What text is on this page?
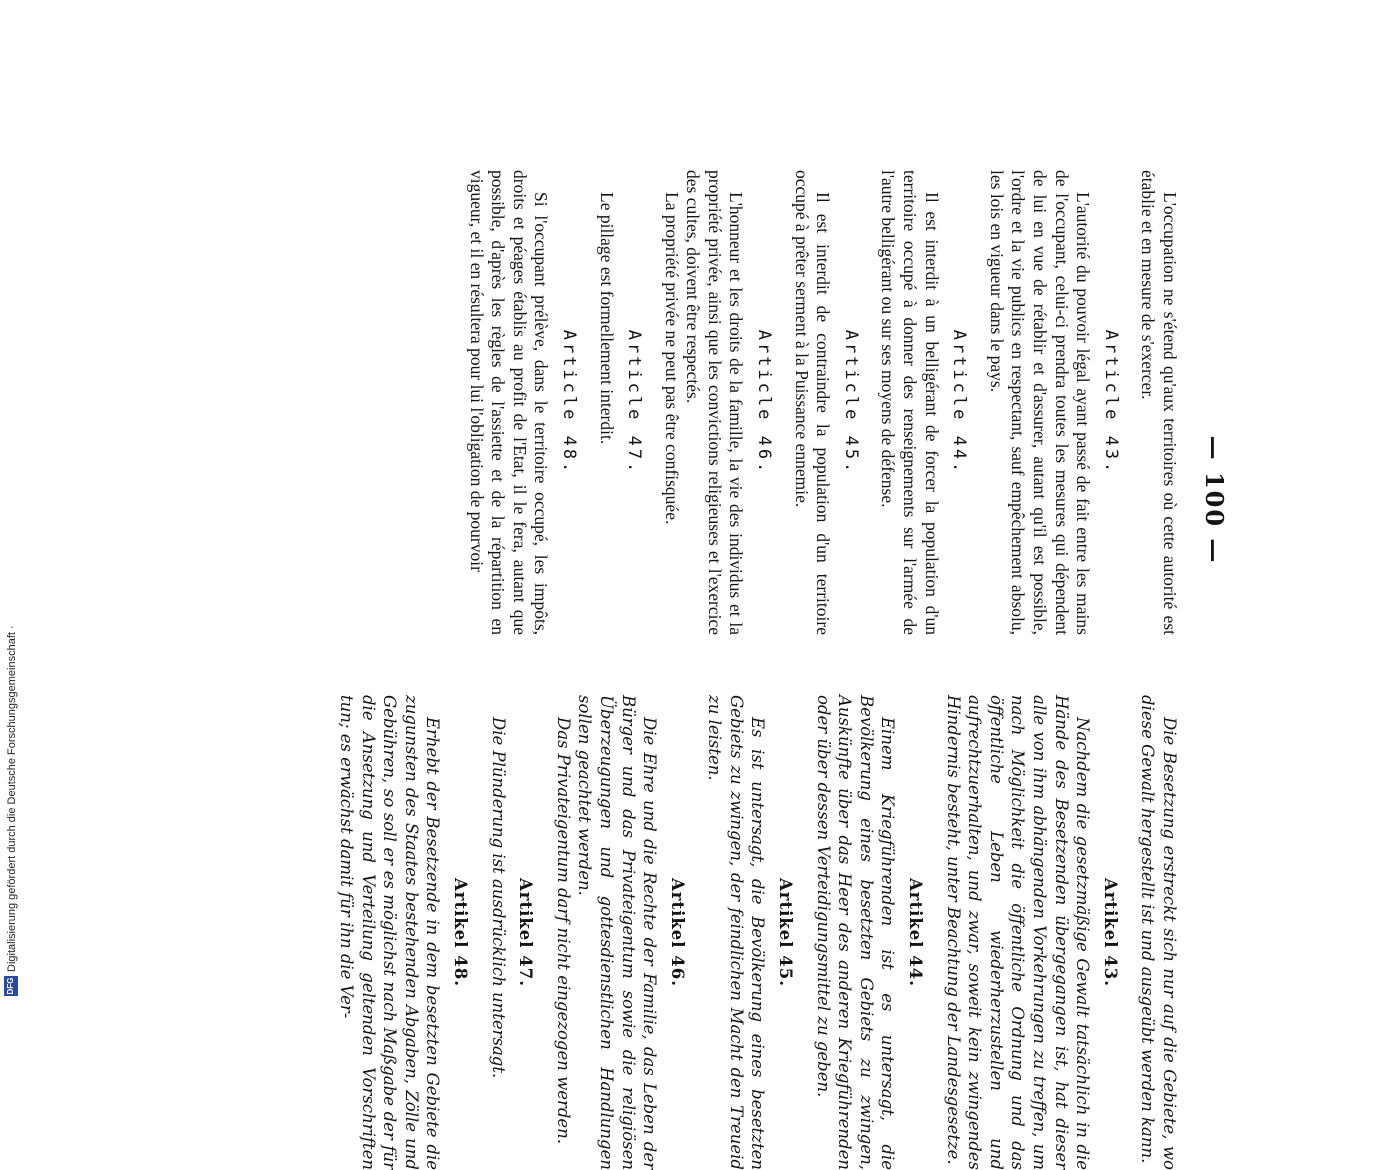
— 100 —

L'occupation ne s'étend qu'aux territoires où cette autorité est établie et en mesure de s'exercer.

Article 43.

L'autorité du pouvoir légal ayant passé de fait entre les mains de l'occupant, celui-ci prendra toutes les mesures qui dépendent de lui en vue de rétablir et d'assurer, autant qu'il est possible, l'ordre et la vie publics en respectant, sauf empêchement absolu, les lois en vigueur dans le pays.

Article 44.

Il est interdit à un belligérant de forcer la population d'un territoire occupé à donner des renseignements sur l'armée de l'autre belligérant ou sur ses moyens de défense.

Article 45.

Il est interdit de contraindre la population d'un territoire occupé à prêter serment à la Puissance ennemie.

Article 46.

L'honneur et les droits de la famille, la vie des individus et la propriété privée, ainsi que les convictions religieuses et l'exercice des cultes, doivent être respectés.

La propriété privée ne peut pas être confisquée.

Article 47.

Le pillage est formellement interdit.

Article 48.

Si l'occupant prélève, dans le territoire occupé, les impôts, droits et péages établis au profit de l'Etat, il le fera, autant que possible, d'après les règles de l'assiette et de la répartition en vigueur, et il en résultera pour lui l'obligation de pourvoir

Die Besetzung erstreckt sich nur auf die Gebiete, wo diese Gewalt hergestellt ist und ausgeübt werden kann.

Artikel 43.

Nachdem die gesetzmäßige Gewalt tatsächlich in die Hände des Besetzenden übergegangen ist, hat dieser alle von ihm abhängenden Vorkehrungen zu treffen, um nach Möglichkeit die öffentliche Ordnung und das öffentliche Leben wiederherzustellen und aufrechtzuerhalten, und zwar, soweit kein zwingendes Hindernis besteht, unter Beachtung der Landesgesetze.

Artikel 44.

Einem Kriegführenden ist es untersagt, die Bevölkerung eines besetzten Gebiets zu zwingen, Auskünfte über das Heer des anderen Kriegführenden oder über dessen Verteidigungsmittel zu geben.

Artikel 45.

Es ist untersagt, die Bevölkerung eines besetzten Gebiets zu zwingen, der feindlichen Macht den Treueid zu leisten.

Artikel 46.

Die Ehre und die Rechte der Familie, das Leben der Bürger und das Privateigentum sowie die religiösen Überzeugungen und gottesdienstlichen Handlungen sollen geachtet werden.

Das Privateigentum darf nicht eingezogen werden.

Artikel 47.

Die Plünderung ist ausdrücklich untersagt.

Artikel 48.

Erhebt der Besetzende in dem besetzten Gebiete die zugunsten des Staates bestehenden Abgaben, Zölle und Gebühren, so soll er es möglichst nach Maßgabe der für die Ansetzung und Verteilung geltenden Vorschriften tun; es erwächst damit für ihn die Ver-

DFG
Digitalisierung gefördert durch die Deutsche Forschungsgemeinschaft ·
